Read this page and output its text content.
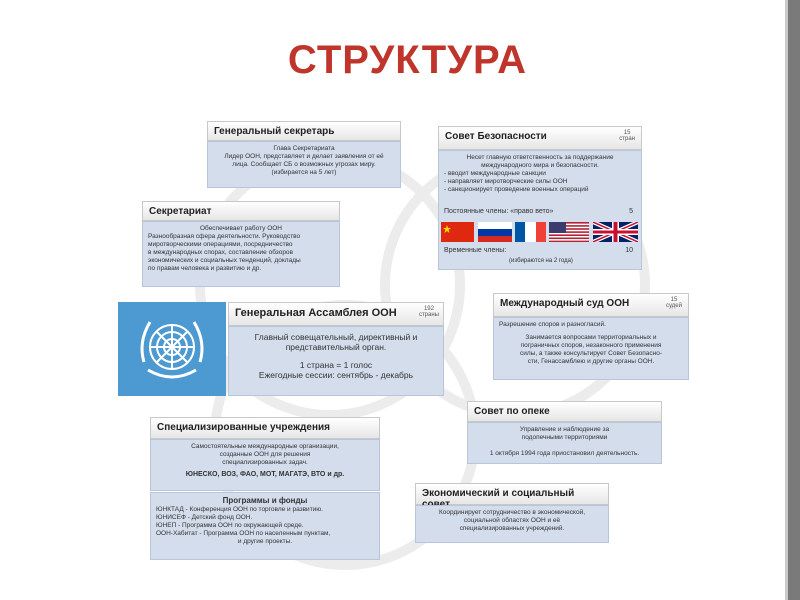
СТРУКТУРА
Генеральный секретарь
Глава Секретариата
Лидер ООН, представляет и делает заявления от её
лица. Сообщает СБ о возможных угрозах миру.
(избирается на 5 лет)
Секретариат
Обеспечивает работу ООН
Разнообразная сфера деятельности. Руководство
миротворческими операциями, посредничество
в международных спорах, составление обзоров
экономических и социальных тенденций, доклады
по правам человека и развитию и др.
Генеральная Ассамблея ООН	192
страны
Главный совещательный, директивный и
представительный орган.
1 страна = 1 голос
Ежегодные сессии: сентябрь - декабрь
Совет Безопасности	15
стран
Несет главную ответственность за поддержание
международного мира и безопасности.
- вводит международные санкции
- направляет миротворческие силы ООН
- санкционирует проведение военных операций
Постоянные члены: «право вето»	5
Временные члены:	10
(избираются на 2 года)
Международный суд ООН	15
судей
Разрешение споров и разногласий.
Занимается вопросами территориальных и
пограничных споров, незаконного применения
силы, а также консультирует Совет Безопасно-
сти, Генассамблею и другие органы ООН.
Совет по опеке
Управление и наблюдение за
подопечными территориями
1 октября 1994 года приостановил деятельность.
Специализированные учреждения
Самостоятельные международные организации,
созданные ООН для решения
специализированных задач.
ЮНЕСКО, ВОЗ, ФАО, МОТ, МАГАТЭ, ВТО и др.
Программы и фонды
ЮНКТАД - Конференция ООН по торговле и развитию.
ЮНИСЕФ - Детский фонд ООН.
ЮНЕП - Программа ООН по окружающей среде.
ООН-Хабитат - Программа ООН по населенным пунктам,
и другие проекты.
Экономический и социальный
Координирует сотрудничество в экономической,
социальной областях ООН и её
специализированных учреждений.
